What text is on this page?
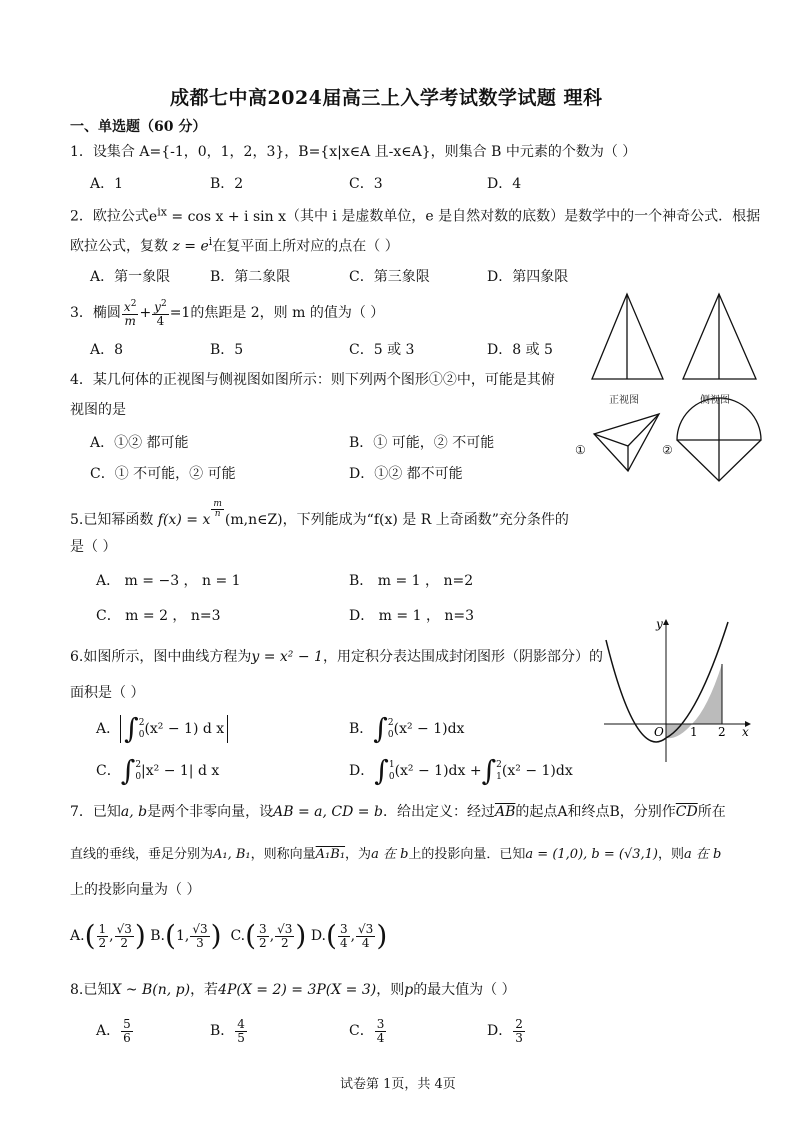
成都七中高2024届高三上入学考试数学试题 理科
一、单选题（60 分）
1．设集合 A={-1，0，1，2，3}，B={x|x∈A 且-x∈A}，则集合 B 中元素的个数为（ ）
A．1	B．2	C．3	D．4
2．欧拉公式$e^{ix} = \cos x + i$ sin x（其中 i 是虚数单位，e 是自然对数的底数）是数学中的一个神奇公式．根据
欧拉公式，复数 $z = e^i$在复平面上所对应的点在（ ）
A．第一象限	B．第二象限	C．第三象限	D．第四象限
3．椭圆 $\frac{x^2}{m} + \frac{y^2}{4} =1$的焦距是 2，则 m 的值为（ ）
A．8	B．5	C．5 或 3	D．8 或 5
4．某几何体的正视图与侧视图如图所示：则下列两个图形①②中，可能是其俯
视图的是
A．①② 都可能	B．① 可能，② 不可能
C．① 不可能，② 可能	D．①② 都不可能
正视图	侧视图
①	②
5.已知幂函数 f(x) = x
$\frac{m}{n}$
(m,n∈Z)，下列能成为“f(x) 是 R 上奇函数”充分条件的
是（ ）
A． m = −3 ， n = 1	B． m = 1 ， n=2
C． m = 2 ， n=3	D． m = 1 ， n=3
6.如图所示，图中曲线方程为y = x² − 1，用定积分表达围成封闭图形（阴影部分）的
面积是（ ）
A． ∫ 2
0 (x² − 1) d x	B．∫ 2
0 (x² − 1)dx
C．∫ 2
0 |x² − 1| d x	D．∫ 1
0 (x² − 1)dx +∫ 2
1 (x² − 1)dx
y
x
O 1 2
7．已知a, b是两个非零向量，设AB = a, CD = b．给出定义：经过$\overline{AB}$的起点A和终点B，分别作$\overline{CD}$所在
直线的垂线，垂足分别为A₁, B₁，则称向量A₁B₁，为a 在 b上的投影向量．已知a = (1,0), b = (√3,1)，则a 在 b
上的投影向量为（ ）
$A.( \frac{1}{2}$ , $\frac{√3}{2}$ ) B.(1, $\frac{√3}{3}$ ) $C.( \frac{3}{2}$ , $\frac{√3}{2}$ ) $D.( \frac{3}{4}$ , $\frac{√3}{4}$ )
8.已知X ~ B(n, p)，若4P(X = 2) = 3P(X = 3)，则p的最大值为（ ）
A． $\frac{5}{6}$	B． $\frac{4}{5}$	C． $\frac{3}{4}$	D． $\frac{2}{3}$
试卷第 1页，共 4页
